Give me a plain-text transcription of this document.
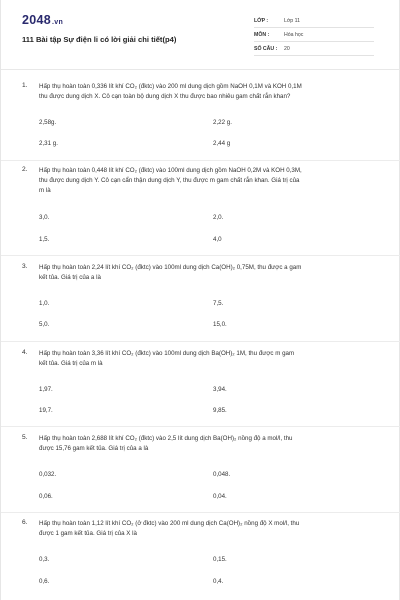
2048.vn
111 Bài tập Sự điện li có lời giải chi tiết(p4)
LỚP :	Lớp 11
MÔN :	Hóa học
SỐ CÂU : 20
1. Hấp thụ hoàn toàn 0,336 lít khí CO₂ (đktc) vào 200 ml dung dịch gồm NaOH 0,1M và KOH 0,1M
thu được dung dịch X. Cô cạn toàn bộ dung dịch X thu được bao nhiêu gam chất rắn khan?
2,58g.	2,22 g.
2,31 g.	2,44 g
2. Hấp thụ hoàn toàn 0,448 lít khí CO₂ (đktc) vào 100ml dung dịch gồm NaOH 0,2M và KOH 0,3M,
thu được dung dịch Y. Cô cạn cẩn thận dung dịch Y, thu được m gam chất rắn khan. Giá trị của
m là
3,0.	2,0.
1,5.	4,0
3. Hấp thụ hoàn toàn 2,24 lít khí CO₂ (đktc) vào 100ml dung dịch Ca(OH)₂ 0,75M, thu được a gam
kết tủa. Giá trị của a là
1,0.	7,5.
5,0.	15,0.
4. Hấp thụ hoàn toàn 3,36 lít khí CO₂ (đktc) vào 100ml dung dịch Ba(OH)₂ 1M, thu được m gam
kết tủa. Giá trị của m là
1,97.	3,94.
19,7.	9,85.
5. Hấp thụ hoàn toàn 2,688 lít khí CO₂ (đktc) vào 2,5 lít dung dịch Ba(OH)₂ nồng độ a mol/l, thu
được 15,76 gam kết tủa. Giá trị của a là
0,032.	0,048.
0,06.	0,04.
6. Hấp thụ hoàn toàn 1,12 lít khí CO₂ (ở đktc) vào 200 ml dung dịch Ca(OH)₂ nồng độ X mol/l, thu
được 1 gam kết tủa. Giá trị của X là
0,3.	0,15.
0,6.	0,4.
